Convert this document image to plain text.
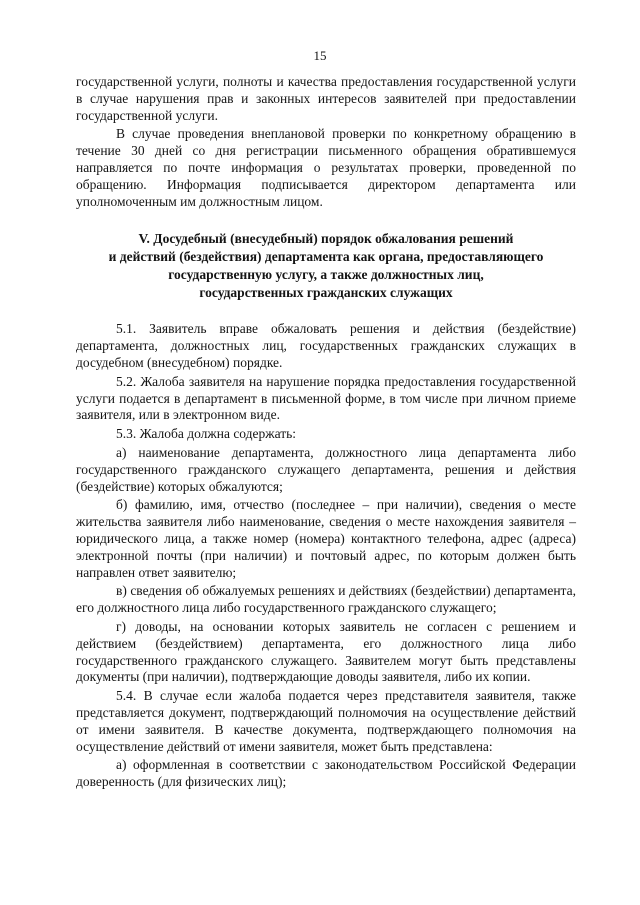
15

государственной услуги, полноты и качества предоставления государственной услуги в случае нарушения прав и законных интересов заявителей при предоставлении государственной услуги.

В случае проведения внеплановой проверки по конкретному обращению в течение 30 дней со дня регистрации письменного обращения обратившемуся направляется по почте информация о результатах проверки, проведенной по обращению. Информация подписывается директором департамента или уполномоченным им должностным лицом.

V. Досудебный (внесудебный) порядок обжалования решений
и действий (бездействия) департамента как органа, предоставляющего
государственную услугу, а также должностных лиц,
государственных гражданских служащих

5.1. Заявитель вправе обжаловать решения и действия (бездействие) департамента, должностных лиц, государственных гражданских служащих в досудебном (внесудебном) порядке.

5.2. Жалоба заявителя на нарушение порядка предоставления государственной услуги подается в департамент в письменной форме, в том числе при личном приеме заявителя, или в электронном виде.

5.3. Жалоба должна содержать:

а) наименование департамента, должностного лица департамента либо государственного гражданского служащего департамента, решения и действия (бездействие) которых обжалуются;

б) фамилию, имя, отчество (последнее – при наличии), сведения о месте жительства заявителя либо наименование, сведения о месте нахождения заявителя – юридического лица, а также номер (номера) контактного телефона, адрес (адреса) электронной почты (при наличии) и почтовый адрес, по которым должен быть направлен ответ заявителю;

в) сведения об обжалуемых решениях и действиях (бездействии) департамента, его должностного лица либо государственного гражданского служащего;

г) доводы, на основании которых заявитель не согласен с решением и действием (бездействием) департамента, его должностного лица либо государственного гражданского служащего. Заявителем могут быть представлены документы (при наличии), подтверждающие доводы заявителя, либо их копии.

5.4. В случае если жалоба подается через представителя заявителя, также представляется документ, подтверждающий полномочия на осуществление действий от имени заявителя. В качестве документа, подтверждающего полномочия на осуществление действий от имени заявителя, может быть представлена:

а) оформленная в соответствии с законодательством Российской Федерации доверенность (для физических лиц);
